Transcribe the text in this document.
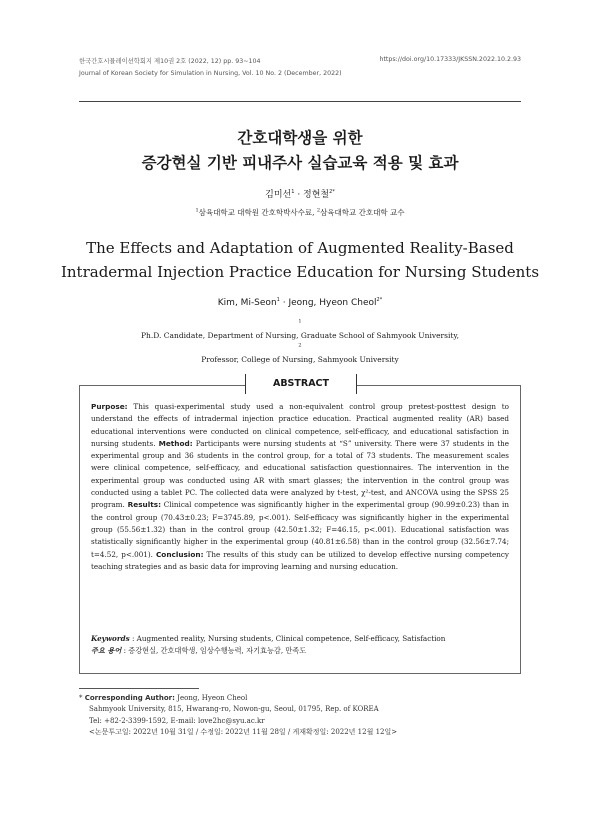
한국간호시뮬레이션학회지 제10권 2호 (2022, 12) pp. 93~104
Journal of Korean Society for Simulation in Nursing, Vol. 10 No. 2 (December, 2022)
https://doi.org/10.17333/JKSSN.2022.10.2.93
간호대학생을 위한
증강현실 기반 피내주사 실습교육 적용 및 효과
김미선$^1$ · 정현철$^{2*}$
$^1$삼육대학교 대학원 간호학박사수료, $^2$삼육대학교 간호대학 교수
The Effects and Adaptation of Augmented Reality-Based
Intradermal Injection Practice Education for Nursing Students
Kim, Mi-Seon$^1$ · Jeong, Hyeon Cheol$^{2*}$
$^1$
Ph.D. Candidate, Department of Nursing, Graduate School of Sahmyook University,
$^2$
Professor, College of Nursing, Sahmyook University
ABSTRACT
Purpose: This quasi-experimental study used a non-equivalent control group pretest-posttest design to understand the effects of intradermal injection practice education. Practical augmented reality (AR) based educational interventions were conducted on clinical competence, self-efficacy, and educational satisfaction in nursing students. Method: Participants were nursing students at “S” university. There were 37 students in the experimental group and 36 students in the control group, for a total of 73 students. The measurement scales were clinical competence, self-efficacy, and educational satisfaction questionnaires. The intervention in the experimental group was conducted using AR with smart glasses; the intervention in the control group was conducted using a tablet PC. The collected data were analyzed by t-test, χ²-test, and ANCOVA using the SPSS 25 program. Results: Clinical competence was significantly higher in the experimental group (90.99±0.23) than in the control group (70.43±0.23; F=3745.89, p<.001). Self-efficacy was significantly higher in the experimental group (55.56±1.32) than in the control group (42.50±1.32; F=46.15, p<.001). Educational satisfaction was statistically significantly higher in the experimental group (40.81±6.58) than in the control group (32.56±7.74; t=4.52, p<.001). Conclusion: The results of this study can be utilized to develop effective nursing competency teaching strategies and as basic data for improving learning and nursing education.
Keywords : Augmented reality, Nursing students, Clinical competence, Self-efficacy, Satisfaction
주요 용어 : 증강현실, 간호대학생, 임상수행능력, 자기효능감, 만족도
* Corresponding Author: Jeong, Hyeon Cheol
Sahmyook University, 815, Hwarang-ro, Nowon-gu, Seoul, 01795, Rep. of KOREA
Tel: +82-2-3399-1592, E-mail: love2hc@syu.ac.kr
<논문투고일: 2022년 10월 31일 / 수정일: 2022년 11월 28일 / 게재확정일: 2022년 12월 12일>
